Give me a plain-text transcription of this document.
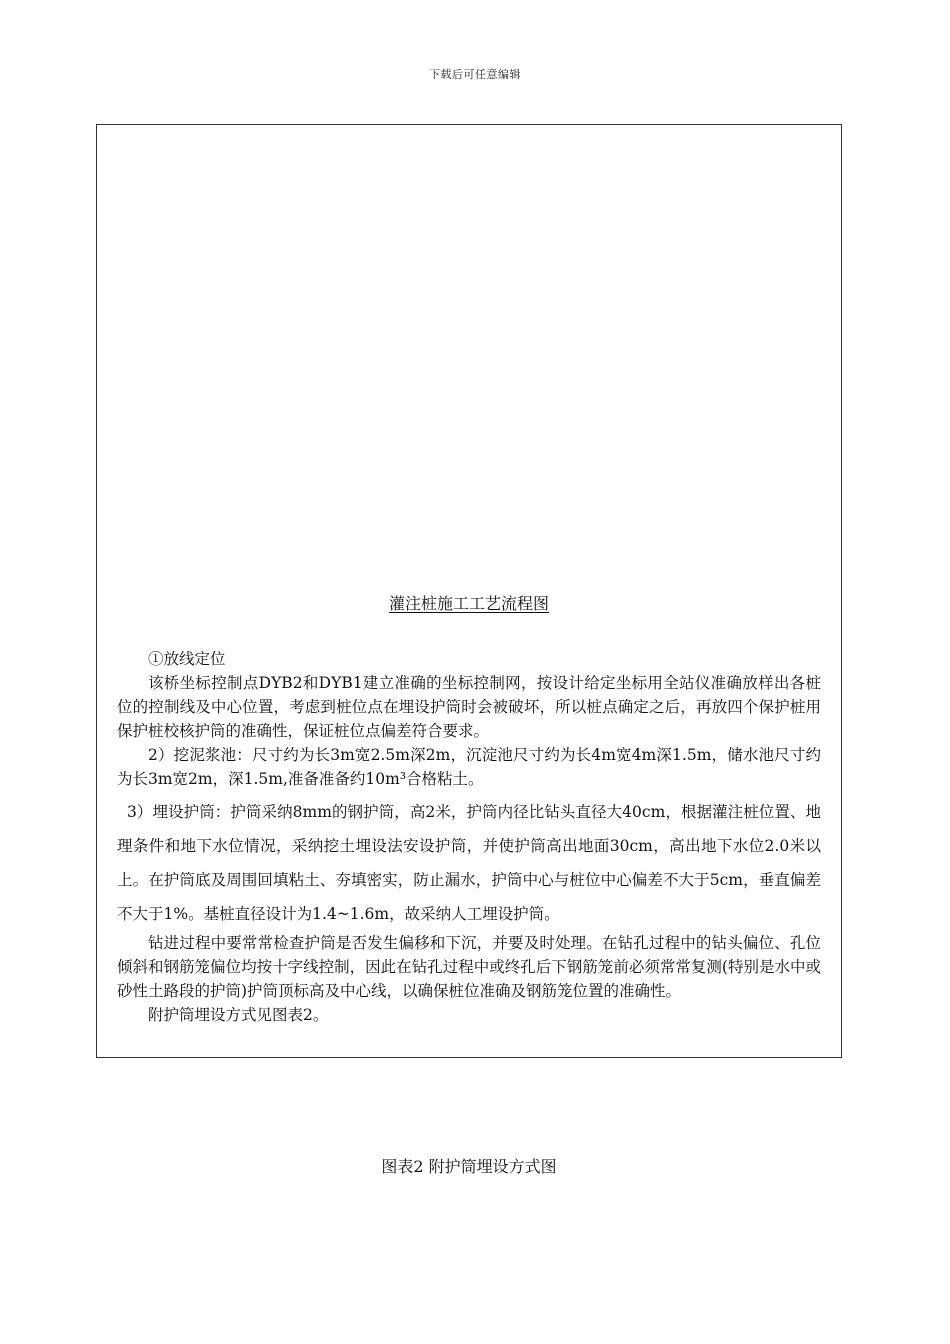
下载后可任意编辑
灌注桩施工工艺流程图

①放线定位

该桥坐标控制点DYB2和DYB1建立准确的坐标控制网，按设计给定坐标用全站仪准确放样出各桩位的控制线及中心位置，考虑到桩位点在埋设护筒时会被破坏，所以桩点确定之后，再放四个保护桩用保护桩校核护筒的准确性，保证桩位点偏差符合要求。

2）挖泥浆池：尺寸约为长3m宽2.5m深2m，沉淀池尺寸约为长4m宽4m深1.5m，储水池尺寸约为长3m宽2m，深1.5m,准备准备约10m³合格粘土。

3）埋设护筒：护筒采纳8mm的钢护筒，高2米，护筒内径比钻头直径大40cm，根据灌注桩位置、地理条件和地下水位情况，采纳挖土埋设法安设护筒，并使护筒高出地面30cm，高出地下水位2.0米以上。在护筒底及周围回填粘土、夯填密实，防止漏水，护筒中心与桩位中心偏差不大于5cm，垂直偏差不大于1%。基桩直径设计为1.4~1.6m，故采纳人工埋设护筒。

钻进过程中要常常检查护筒是否发生偏移和下沉，并要及时处理。在钻孔过程中的钻头偏位、孔位倾斜和钢筋笼偏位均按十字线控制，因此在钻孔过程中或终孔后下钢筋笼前必须常常复测(特别是水中或砂性土路段的护筒)护筒顶标高及中心线，以确保桩位准确及钢筋笼位置的准确性。

附护筒埋设方式见图表2。

图表2 附护筒埋设方式图
